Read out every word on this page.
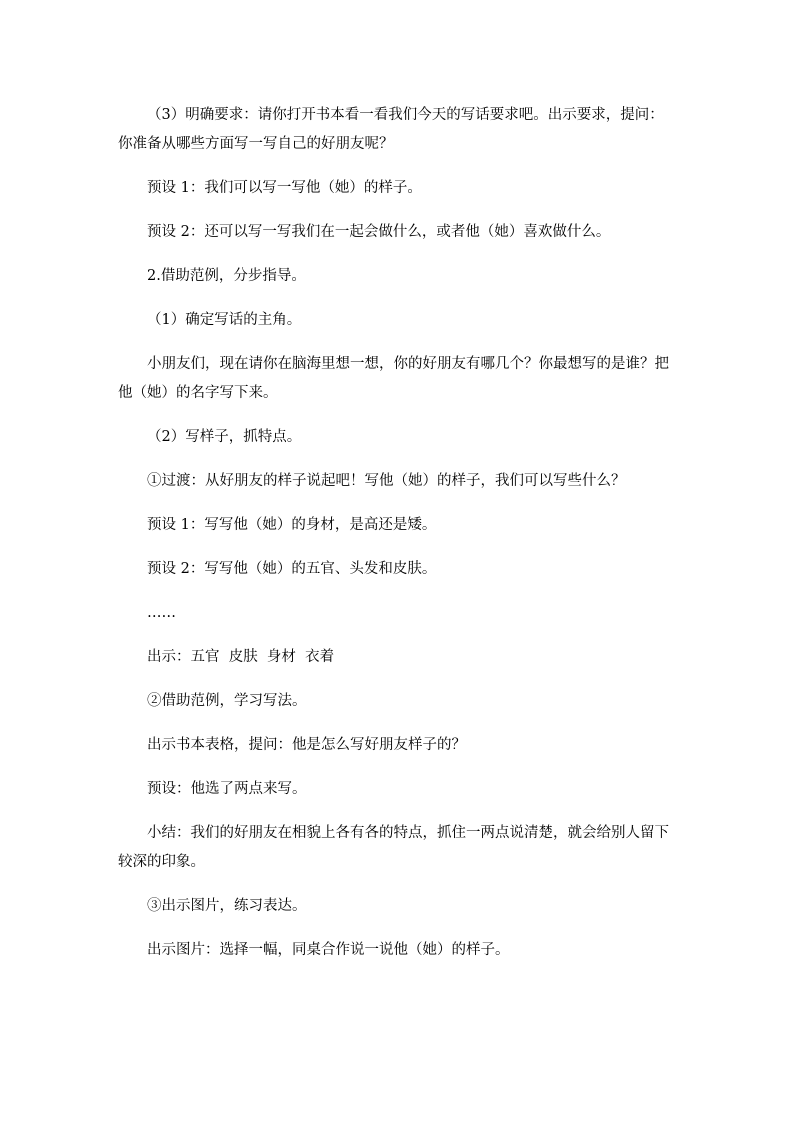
（3）明确要求：请你打开书本看一看我们今天的写话要求吧。出示要求，提问：你准备从哪些方面写一写自己的好朋友呢？

预设 1：我们可以写一写他（她）的样子。

预设 2：还可以写一写我们在一起会做什么，或者他（她）喜欢做什么。

2.借助范例，分步指导。

（1）确定写话的主角。

小朋友们，现在请你在脑海里想一想，你的好朋友有哪几个？你最想写的是谁？把他（她）的名字写下来。

（2）写样子，抓特点。

①过渡：从好朋友的样子说起吧！写他（她）的样子，我们可以写些什么？

预设 1：写写他（她）的身材，是高还是矮。

预设 2：写写他（她）的五官、头发和皮肤。

……

出示：五官  皮肤  身材  衣着

②借助范例，学习写法。

出示书本表格，提问：他是怎么写好朋友样子的？

预设：他选了两点来写。

小结：我们的好朋友在相貌上各有各的特点，抓住一两点说清楚，就会给别人留下较深的印象。

③出示图片，练习表达。

出示图片：选择一幅，同桌合作说一说他（她）的样子。
